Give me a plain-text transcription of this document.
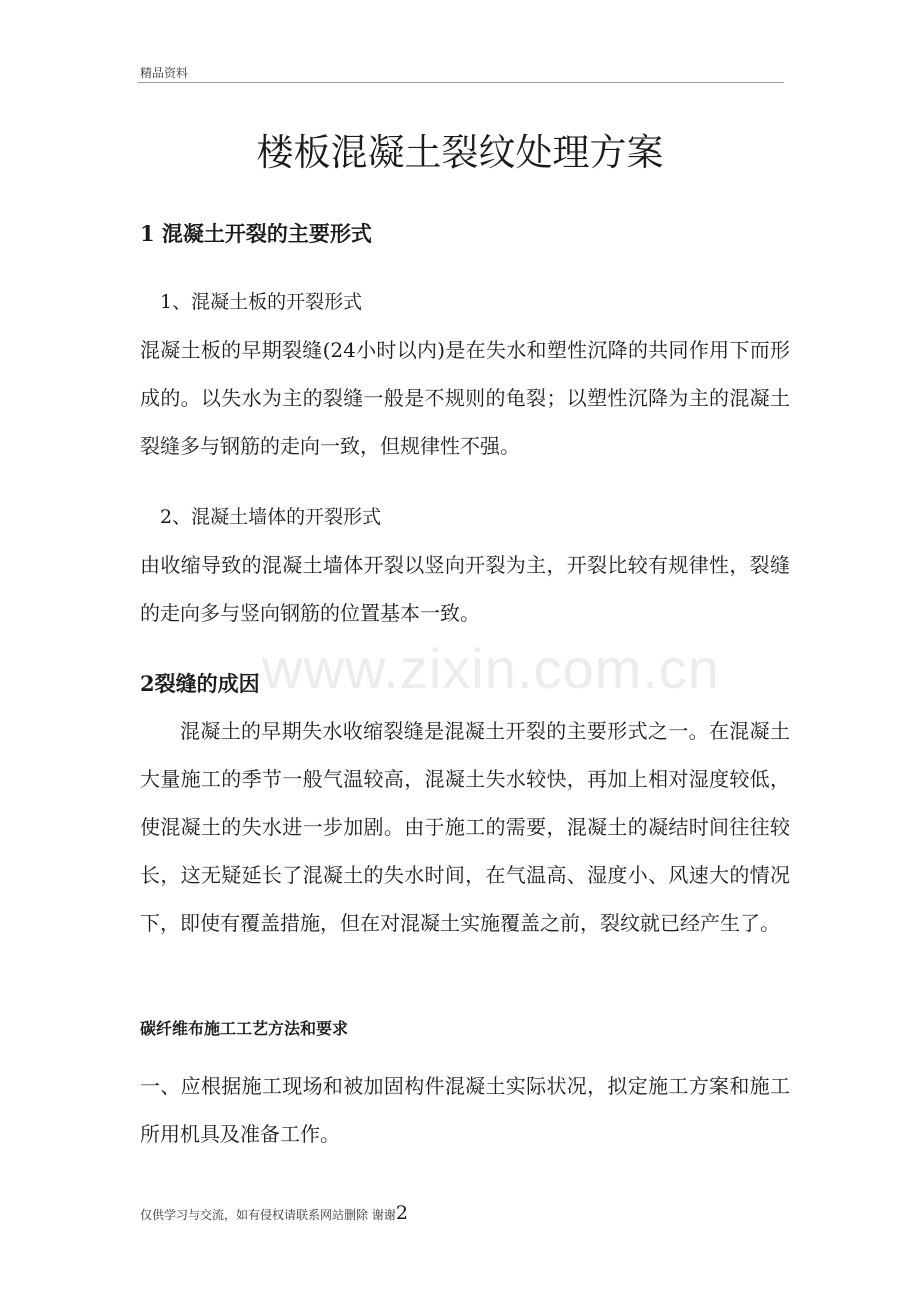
精品资料
www.zixin.com.cn
楼板混凝土裂纹处理方案
1 混凝土开裂的主要形式
1、混凝土板的开裂形式
混凝土板的早期裂缝(24小时以内)是在失水和塑性沉降的共同作用下而形成的。以失水为主的裂缝一般是不规则的龟裂；以塑性沉降为主的混凝土裂缝多与钢筋的走向一致，但规律性不强。
2、混凝土墙体的开裂形式
由收缩导致的混凝土墙体开裂以竖向开裂为主，开裂比较有规律性，裂缝的走向多与竖向钢筋的位置基本一致。
2裂缝的成因
混凝土的早期失水收缩裂缝是混凝土开裂的主要形式之一。在混凝土大量施工的季节一般气温较高，混凝土失水较快，再加上相对湿度较低，使混凝土的失水进一步加剧。由于施工的需要，混凝土的凝结时间往往较长，这无疑延长了混凝土的失水时间，在气温高、湿度小、风速大的情况下，即使有覆盖措施，但在对混凝土实施覆盖之前，裂纹就已经产生了。
碳纤维布施工工艺方法和要求
一、应根据施工现场和被加固构件混凝土实际状况，拟定施工方案和施工所用机具及准备工作。
仅供学习与交流，如有侵权请联系网站删除 谢谢2
